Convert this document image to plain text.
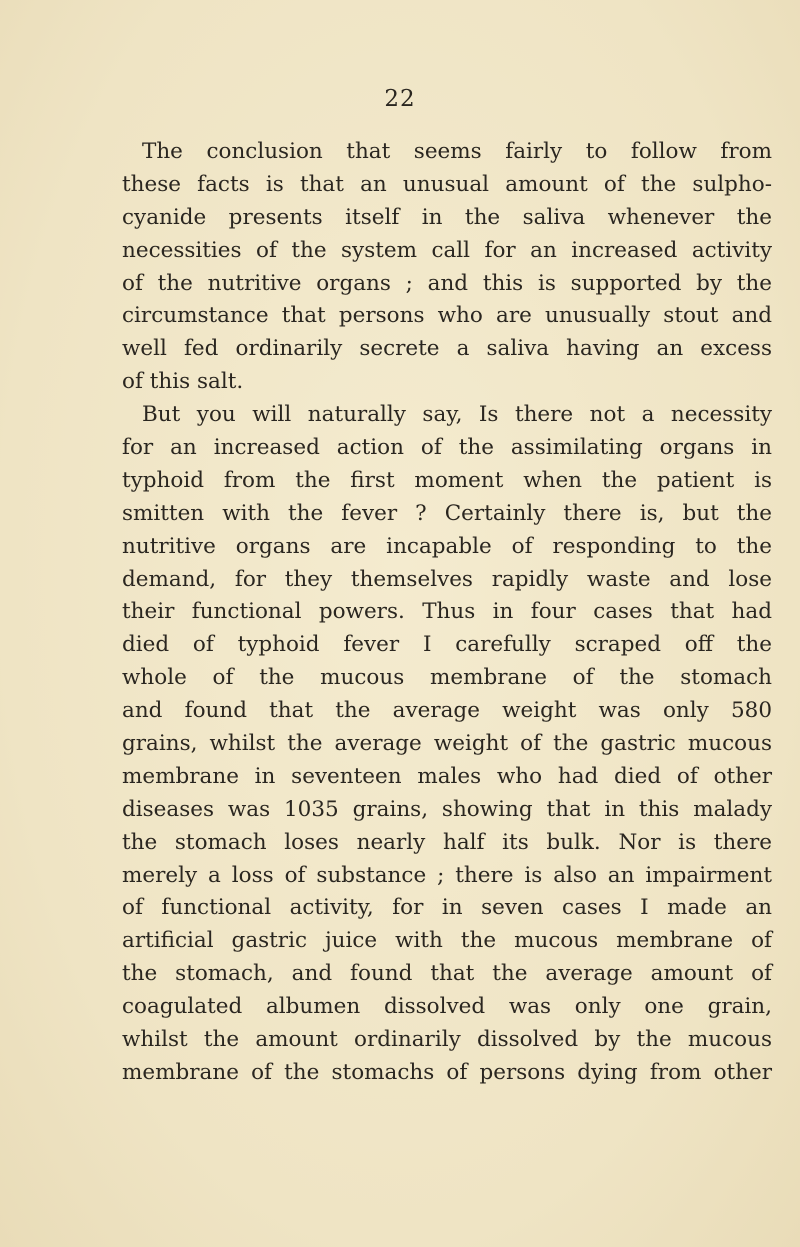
22
The conclusion that seems fairly to follow from
these facts is that an unusual amount of the sulpho-
cyanide presents itself in the saliva whenever the
necessities of the system call for an increased activity
of the nutritive organs ; and this is supported by the
circumstance that persons who are unusually stout and
well fed ordinarily secrete a saliva having an excess
of this salt.
But you will naturally say, Is there not a necessity
for an increased action of the assimilating organs in
typhoid from the first moment when the patient is
smitten with the fever ? Certainly there is, but the
nutritive organs are incapable of responding to the
demand, for they themselves rapidly waste and lose
their functional powers. Thus in four cases that had
died of typhoid fever I carefully scraped off the
whole of the mucous membrane of the stomach
and found that the average weight was only 580
grains, whilst the average weight of the gastric mucous
membrane in seventeen males who had died of other
diseases was 1035 grains, showing that in this malady
the stomach loses nearly half its bulk. Nor is there
merely a loss of substance ; there is also an impairment
of functional activity, for in seven cases I made an
artificial gastric juice with the mucous membrane of
the stomach, and found that the average amount of
coagulated albumen dissolved was only one grain,
whilst the amount ordinarily dissolved by the mucous
membrane of the stomachs of persons dying from other
